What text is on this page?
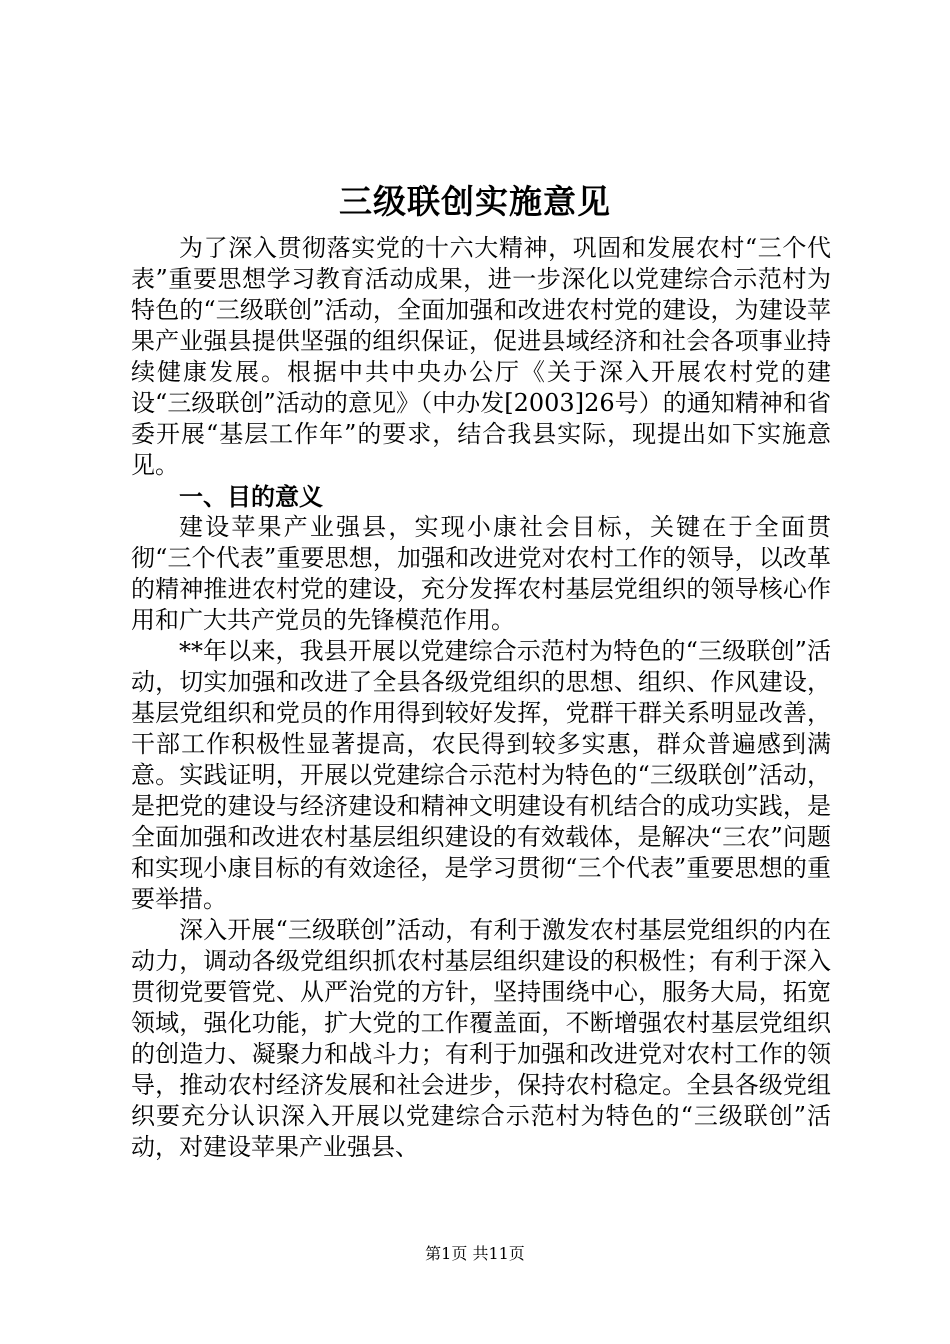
三级联创实施意见

为了深入贯彻落实党的十六大精神，巩固和发展农村“三个代表”重要思想学习教育活动成果，进一步深化以党建综合示范村为特色的“三级联创”活动，全面加强和改进农村党的建设，为建设苹果产业强县提供坚强的组织保证，促进县域经济和社会各项事业持续健康发展。根据中共中央办公厅《关于深入开展农村党的建设“三级联创”活动的意见》（中办发[2003]26号）的通知精神和省委开展“基层工作年”的要求，结合我县实际，现提出如下实施意见。

一、目的意义

建设苹果产业强县，实现小康社会目标，关键在于全面贯彻“三个代表”重要思想，加强和改进党对农村工作的领导，以改革的精神推进农村党的建设，充分发挥农村基层党组织的领导核心作用和广大共产党员的先锋模范作用。

**年以来，我县开展以党建综合示范村为特色的“三级联创”活动，切实加强和改进了全县各级党组织的思想、组织、作风建设，基层党组织和党员的作用得到较好发挥，党群干群关系明显改善，干部工作积极性显著提高，农民得到较多实惠，群众普遍感到满意。实践证明，开展以党建综合示范村为特色的“三级联创”活动，是把党的建设与经济建设和精神文明建设有机结合的成功实践，是全面加强和改进农村基层组织建设的有效载体，是解决“三农”问题和实现小康目标的有效途径，是学习贯彻“三个代表”重要思想的重要举措。

深入开展“三级联创”活动，有利于激发农村基层党组织的内在动力，调动各级党组织抓农村基层组织建设的积极性；有利于深入贯彻党要管党、从严治党的方针，坚持围绕中心，服务大局，拓宽领域，强化功能，扩大党的工作覆盖面，不断增强农村基层党组织的创造力、凝聚力和战斗力；有利于加强和改进党对农村工作的领导，推动农村经济发展和社会进步，保持农村稳定。全县各级党组织要充分认识深入开展以党建综合示范村为特色的“三级联创”活动，对建设苹果产业强县、

第1页 共11页
